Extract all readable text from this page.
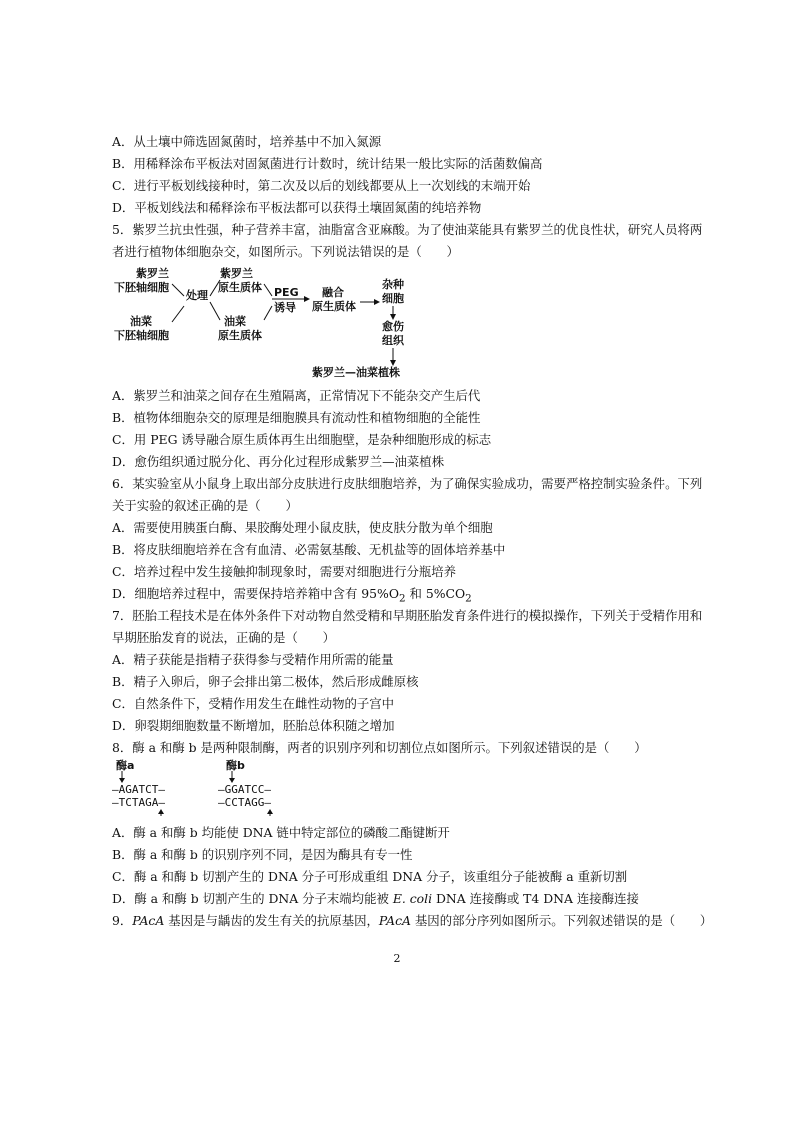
A．从土壤中筛选固氮菌时，培养基中不加入氮源
B．用稀释涂布平板法对固氮菌进行计数时，统计结果一般比实际的活菌数偏高
C．进行平板划线接种时，第二次及以后的划线都要从上一次划线的末端开始
D．平板划线法和稀释涂布平板法都可以获得土壤固氮菌的纯培养物
5．紫罗兰抗虫性强，种子营养丰富，油脂富含亚麻酸。为了使油菜能具有紫罗兰的优良性状，研究人员将两
者进行植物体细胞杂交，如图所示。下列说法错误的是（　　）
紫罗兰
下胚轴细胞
油菜
下胚轴细胞
处理
紫罗兰
原生质体
油菜
原生质体
PEG
诱导
融合
原生质体
杂种
细胞
愈伤
组织
紫罗兰—油菜植株
A．紫罗兰和油菜之间存在生殖隔离，正常情况下不能杂交产生后代
B．植物体细胞杂交的原理是细胞膜具有流动性和植物细胞的全能性
C．用 PEG 诱导融合原生质体再生出细胞壁，是杂种细胞形成的标志
D．愈伤组织通过脱分化、再分化过程形成紫罗兰—油菜植株
6．某实验室从小鼠身上取出部分皮肤进行皮肤细胞培养，为了确保实验成功，需要严格控制实验条件。下列
关于实验的叙述正确的是（　　）
A．需要使用胰蛋白酶、果胶酶处理小鼠皮肤，使皮肤分散为单个细胞
B．将皮肤细胞培养在含有血清、必需氨基酸、无机盐等的固体培养基中
C．培养过程中发生接触抑制现象时，需要对细胞进行分瓶培养
D．细胞培养过程中，需要保持培养箱中含有 $95\%O_2$ 和 $5\%CO_2$
7．胚胎工程技术是在体外条件下对动物自然受精和早期胚胎发育条件进行的模拟操作，下列关于受精作用和
早期胚胎发育的说法，正确的是（　　）
A．精子获能是指精子获得参与受精作用所需的能量
B．精子入卵后，卵子会排出第二极体，然后形成雌原核
C．自然条件下，受精作用发生在雌性动物的子宫中
D．卵裂期细胞数量不断增加，胚胎总体积随之增加
8．酶 a 和酶 b 是两种限制酶，两者的识别序列和切割位点如图所示。下列叙述错误的是（　　）
酶a
—AGATCT—
—TCTAGA—
酶b
—GGATCC—
—CCTAGG—
A．酶 a 和酶 b 均能使 DNA 链中特定部位的磷酸二酯键断开
B．酶 a 和酶 b 的识别序列不同，是因为酶具有专一性
C．酶 a 和酶 b 切割产生的 DNA 分子可形成重组 DNA 分子，该重组分子能被酶 a 重新切割
D．酶 a 和酶 b 切割产生的 DNA 分子末端均能被 E. coli DNA 连接酶或 T4 DNA 连接酶连接
9．PAcA 基因是与龋齿的发生有关的抗原基因，PAcA 基因的部分序列如图所示。下列叙述错误的是（　　）
2
